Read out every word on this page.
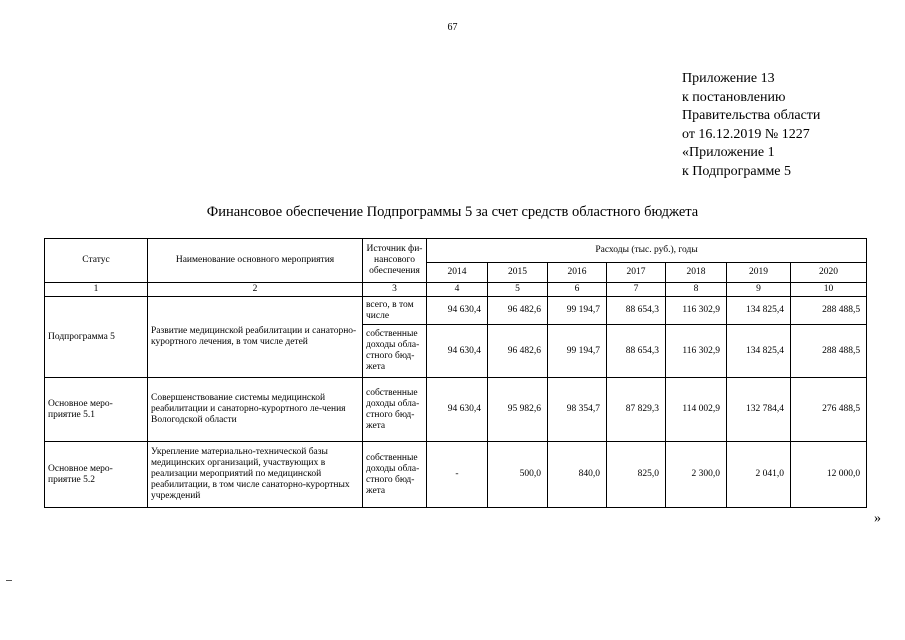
67
Приложение 13
к постановлению
Правительства области
от 16.12.2019 № 1227
«Приложение 1
к Подпрограмме 5
Финансовое обеспечение Подпрограммы 5 за счет средств областного бюджета
Статус	Наименование основного мероприятия	Источник фи-нансового обеспечения	Расходы (тыс. руб.), годы						
			2014	2015	2016	2017	2018	2019	2020
1	2	3	4	5	6	7	8	9	10
Подпрограмма 5	Развитие медицинской реабилитации и санаторно-курортного лечения, в том числе детей	всего, в том числе	94 630,4	96 482,6	99 194,7	88 654,3	116 302,9	134 825,4	288 488,5
		собственные доходы обла-стного бюд-жета	94 630,4	96 482,6	99 194,7	88 654,3	116 302,9	134 825,4	288 488,5
Основное меро-приятие 5.1	Совершенствование системы медицинской реабилитации и санаторно-курортного ле-чения Вологодской области	собственные доходы обла-стного бюд-жета	94 630,4	95 982,6	98 354,7	87 829,3	114 002,9	132 784,4	276 488,5
Основное меро-приятие 5.2	Укрепление материально-технической базы медицинских организаций, участвующих в реализации мероприятий по медицинской реабилитации, в том числе санаторно-курортных учреждений	собственные доходы обла-стного бюд-жета	-	500,0	840,0	825,0	2 300,0	2 041,0	12 000,0
»
